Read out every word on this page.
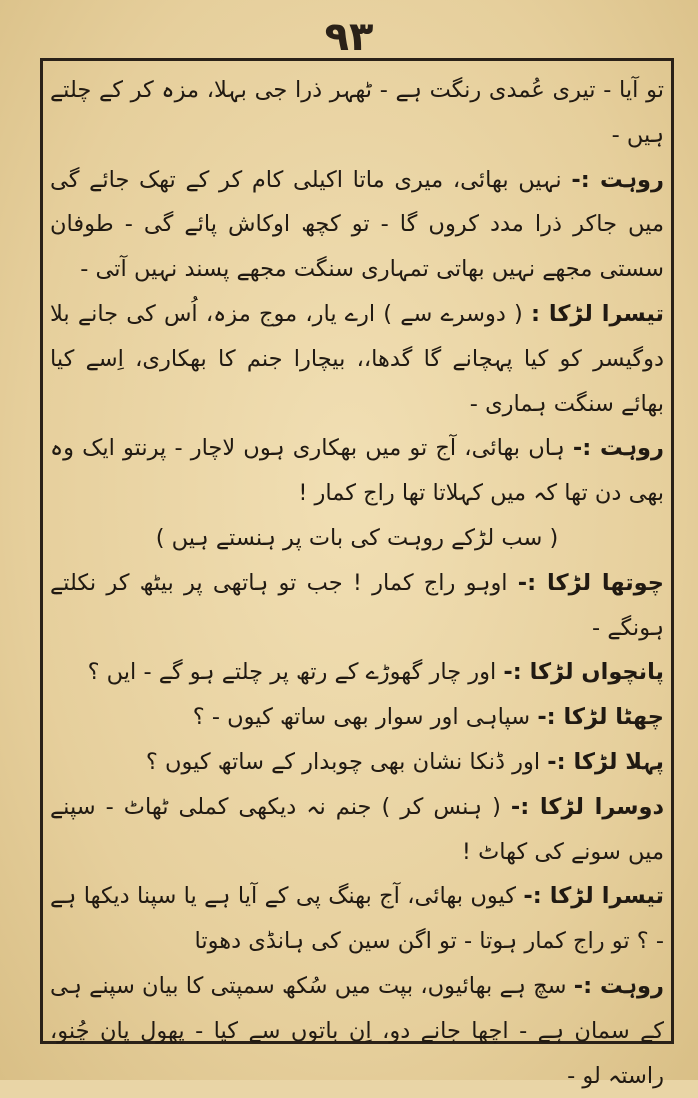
۹۳

تو آیا - تیری عُمدی رنگت ہے - ٹھہر ذرا جی بہلا، مزہ کر کے چلتے ہیں -

روہت :- نہیں بھائی، میری ماتا اکیلی کام کر کے تھک جائے گی میں جاکر ذرا مدد کروں گا - تو کچھ اوکاش پائے گی - طوفان سستی مجھے نہیں بھاتی تمہاری سنگت مجھے پسند نہیں آتی -

تیسرا لڑکا : ( دوسرے سے ) ارے یار، موج مزہ، اُس کی جانے بلا دوگیسر کو کیا پہچانے گا گدھا،، بیچارا جنم کا بھکاری، اِسے کیا بھائے سنگت ہماری -

روہت :- ہاں بھائی، آج تو میں بھکاری ہوں لاچار - پرنتو ایک وہ بھی دن تھا کہ میں کہلاتا تھا راج کمار !

( سب لڑکے روہت کی بات پر ہنستے ہیں )

چوتھا لڑکا :- اوہو راج کمار ! جب تو ہاتھی پر بیٹھ کر نکلتے ہونگے -

پانچواں لڑکا :- اور چار گھوڑے کے رتھ پر چلتے ہو گے - ایں ؟

چھٹا لڑکا :- سپاہی اور سوار بھی ساتھ کیوں - ؟

پہلا لڑکا :- اور ڈنکا نشان بھی چوبدار کے ساتھ کیوں ؟

دوسرا لڑکا :- ( ہنس کر ) جنم نہ دیکھی کملی ٹھاٹ - سپنے میں سونے کی کھاٹ !

تیسرا لڑکا :- کیوں بھائی، آج بھنگ پی کے آیا ہے یا سپنا دیکھا ہے - ؟ تو راج کمار ہوتا - تو اگن سین کی ہانڈی دھوتا

روہت :- سچ ہے بھائیوں، بپت میں سُکھ سمپتی کا بیان سپنے ہی کے سمان ہے - اچھا جانے دو، اِن باتوں سے کیا - پھول پان چُنو، راستہ لو -
